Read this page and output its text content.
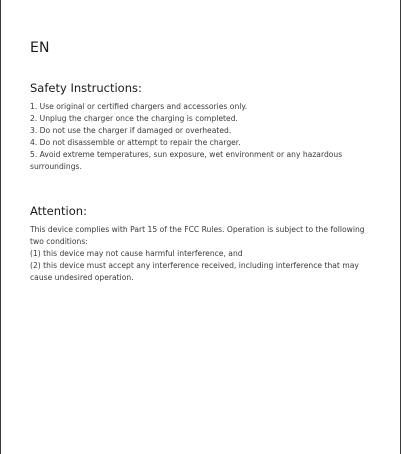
EN
Safety Instructions:
1. Use original or certified chargers and accessories only.
2. Unplug the charger once the charging is completed.
3. Do not use the charger if damaged or overheated.
4. Do not disassemble or attempt to repair the charger.
5. Avoid extreme temperatures, sun exposure, wet environment or any hazardous surroundings.
Attention:

This device complies with Part 15 of the FCC Rules. Operation is subject to the following two conditions:

(1) this device may not cause harmful interference, and

(2) this device must accept any interference received, including interference that may cause undesired operation.
